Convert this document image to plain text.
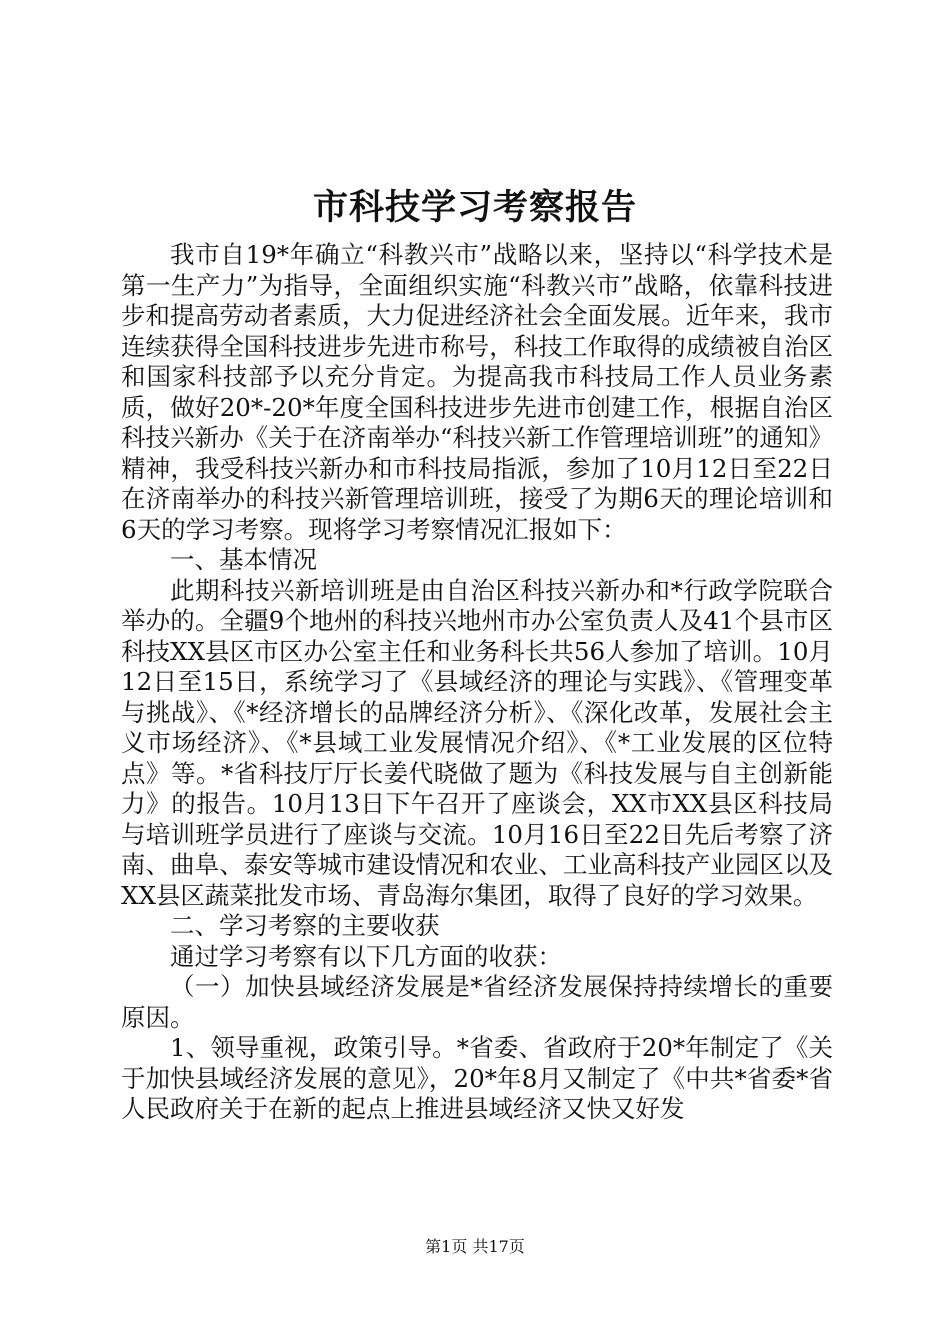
市科技学习考察报告

我市自19*年确立“科教兴市”战略以来，坚持以“科学技术是第一生产力”为指导，全面组织实施“科教兴市”战略，依靠科技进步和提高劳动者素质，大力促进经济社会全面发展。近年来，我市连续获得全国科技进步先进市称号，科技工作取得的成绩被自治区和国家科技部予以充分肯定。为提高我市科技局工作人员业务素质，做好20*-20*年度全国科技进步先进市创建工作，根据自治区科技兴新办《关于在济南举办“科技兴新工作管理培训班”的通知》精神，我受科技兴新办和市科技局指派，参加了10月12日至22日在济南举办的科技兴新管理培训班，接受了为期6天的理论培训和6天的学习考察。现将学习考察情况汇报如下：

一、基本情况

此期科技兴新培训班是由自治区科技兴新办和*行政学院联合举办的。全疆9个地州的科技兴地州市办公室负责人及41个县市区科技XX县区市区办公室主任和业务科长共56人参加了培训。10月12日至15日，系统学习了《县域经济的理论与实践》、《管理变革与挑战》、《*经济增长的品牌经济分析》、《深化改革，发展社会主义市场经济》、《*县域工业发展情况介绍》、《*工业发展的区位特点》等。*省科技厅厅长姜代晓做了题为《科技发展与自主创新能力》的报告。10月13日下午召开了座谈会，XX市XX县区科技局与培训班学员进行了座谈与交流。10月16日至22日先后考察了济南、曲阜、泰安等城市建设情况和农业、工业高科技产业园区以及XX县区蔬菜批发市场、青岛海尔集团，取得了良好的学习效果。

二、学习考察的主要收获

通过学习考察有以下几方面的收获：

（一）加快县域经济发展是*省经济发展保持持续增长的重要原因。

1、领导重视，政策引导。*省委、省政府于20*年制定了《关于加快县域经济发展的意见》，20*年8月又制定了《中共*省委*省人民政府关于在新的起点上推进县域经济又快又好发

第1页 共17页
